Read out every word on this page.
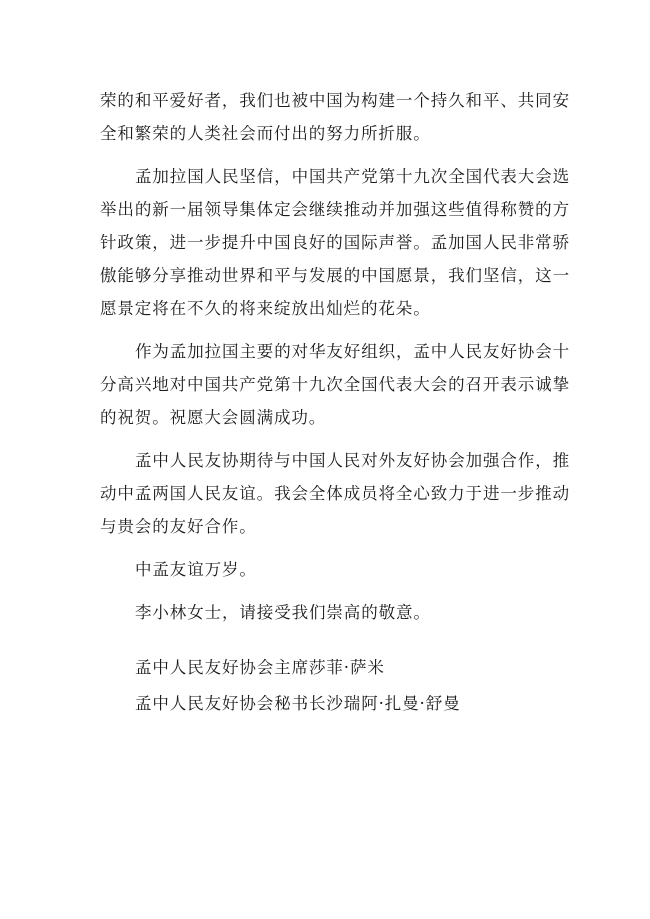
荣的和平爱好者，我们也被中国为构建一个持久和平、共同安全和繁荣的人类社会而付出的努力所折服。

孟加拉国人民坚信，中国共产党第十九次全国代表大会选举出的新一届领导集体定会继续推动并加强这些值得称赞的方针政策，进一步提升中国良好的国际声誉。孟加国人民非常骄傲能够分享推动世界和平与发展的中国愿景，我们坚信，这一愿景定将在不久的将来绽放出灿烂的花朵。

作为孟加拉国主要的对华友好组织，孟中人民友好协会十分高兴地对中国共产党第十九次全国代表大会的召开表示诚挚的祝贺。祝愿大会圆满成功。

孟中人民友协期待与中国人民对外友好协会加强合作，推动中孟两国人民友谊。我会全体成员将全心致力于进一步推动与贵会的友好合作。

中孟友谊万岁。

李小林女士，请接受我们崇高的敬意。

孟中人民友好协会主席莎菲·萨米

孟中人民友好协会秘书长沙瑞阿·扎曼·舒曼
